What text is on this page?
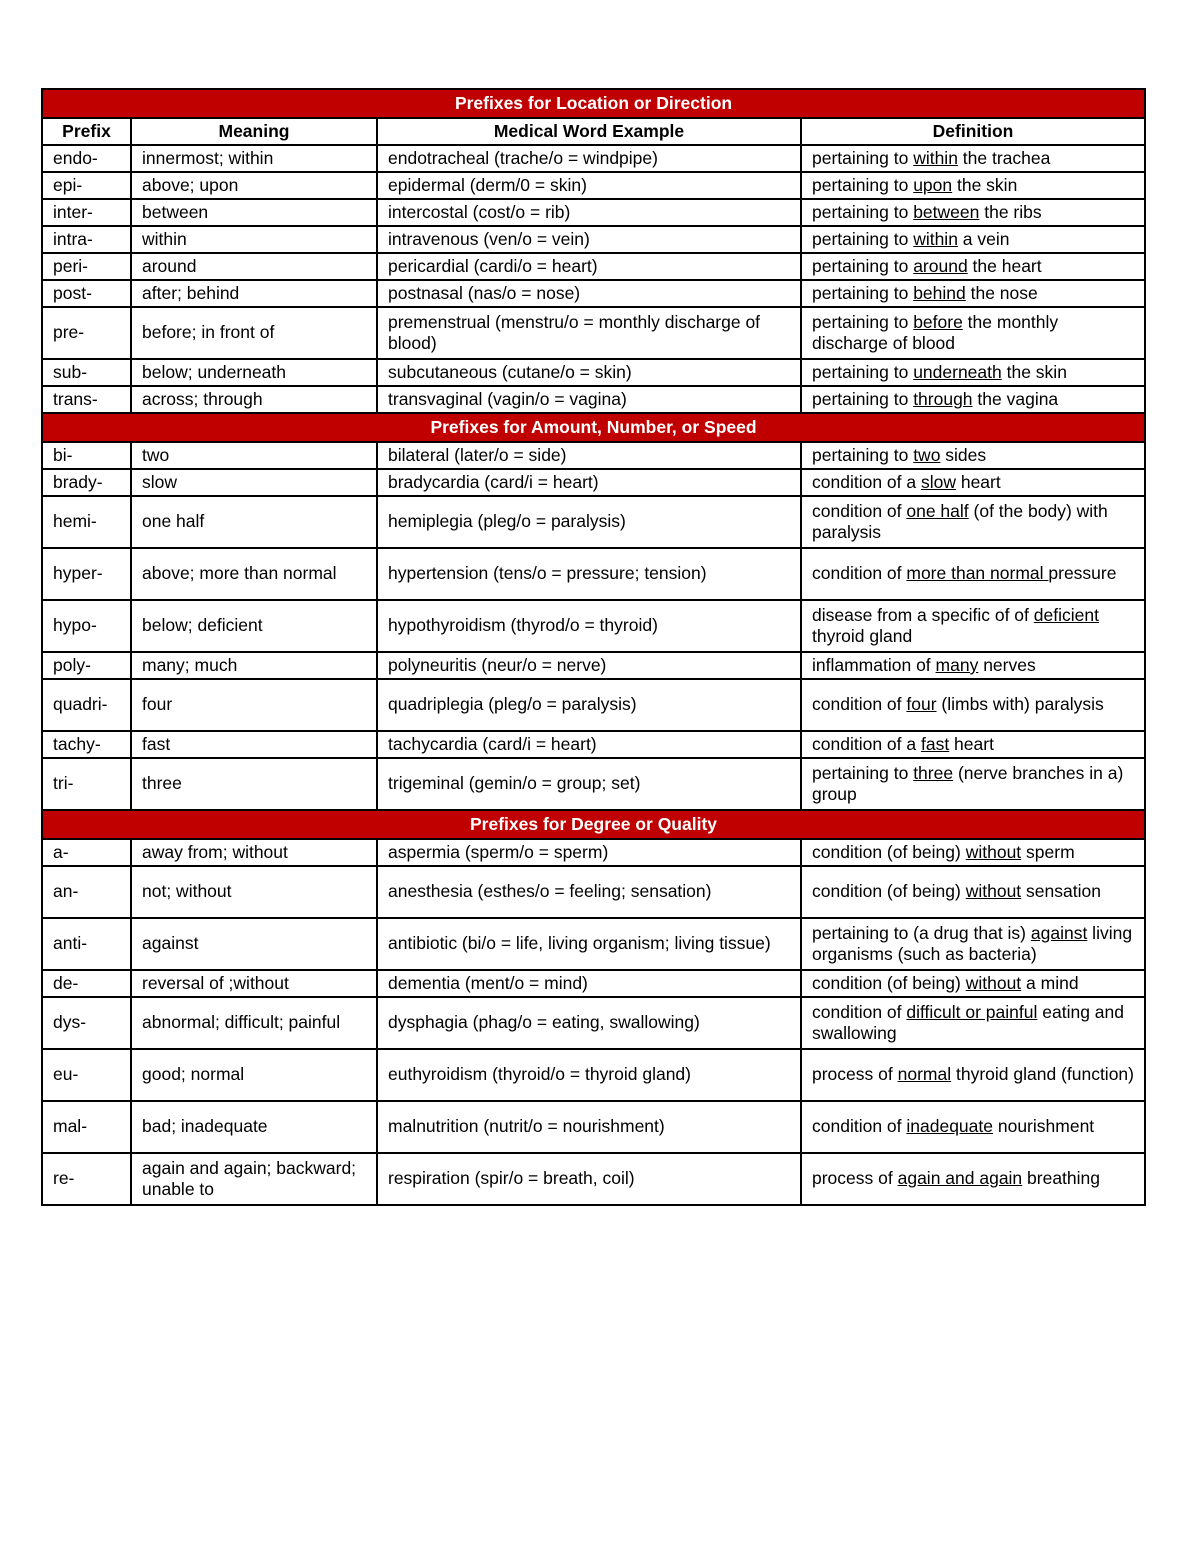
Prefixes for Location or Direction			
Prefix	Meaning	Medical Word Example	Definition
endo-	innermost; within	endotracheal (trache/o = windpipe)	pertaining to within the trachea
epi-	above; upon	epidermal (derm/0 = skin)	pertaining to upon the skin
inter-	between	intercostal (cost/o = rib)	pertaining to between the ribs
intra-	within	intravenous (ven/o = vein)	pertaining to within a vein
peri-	around	pericardial (cardi/o = heart)	pertaining to around the heart
post-	after; behind	postnasal (nas/o = nose)	pertaining to behind the nose
pre-	before; in front of	premenstrual (menstru/o = monthly discharge of blood)	pertaining to before the monthly discharge of blood
sub-	below; underneath	subcutaneous (cutane/o = skin)	pertaining to underneath the skin
trans-	across; through	transvaginal (vagin/o = vagina)	pertaining to through the vagina
Prefixes for Amount, Number, or Speed			
bi-	two	bilateral (later/o = side)	pertaining to two sides
brady-	slow	bradycardia (card/i = heart)	condition of a slow heart
hemi-	one half	hemiplegia (pleg/o = paralysis)	condition of one half (of the body) with paralysis
hyper-	above; more than normal	hypertension (tens/o = pressure; tension)	condition of more than normal pressure
hypo-	below; deficient	hypothyroidism (thyrod/o = thyroid)	disease from a specific of of deficient thyroid gland
poly-	many; much	polyneuritis (neur/o = nerve)	inflammation of many nerves
quadri-	four	quadriplegia (pleg/o = paralysis)	condition of four (limbs with) paralysis
tachy-	fast	tachycardia (card/i = heart)	condition of a fast heart
tri-	three	trigeminal (gemin/o = group; set)	pertaining to three (nerve branches in a) group
Prefixes for Degree or Quality			
a-	away from; without	aspermia (sperm/o = sperm)	condition (of being) without sperm
an-	not; without	anesthesia (esthes/o = feeling; sensation)	condition (of being) without sensation
anti-	against	antibiotic (bi/o = life, living organism; living tissue)	pertaining to (a drug that is) against living organisms (such as bacteria)
de-	reversal of ;without	dementia (ment/o = mind)	condition (of being) without a mind
dys-	abnormal; difficult; painful	dysphagia (phag/o = eating, swallowing)	condition of difficult or painful eating and swallowing
eu-	good; normal	euthyroidism (thyroid/o = thyroid gland)	process of normal thyroid gland (function)
mal-	bad; inadequate	malnutrition (nutrit/o = nourishment)	condition of inadequate nourishment
re-	again and again; backward; unable to	respiration (spir/o = breath, coil)	process of again and again breathing
